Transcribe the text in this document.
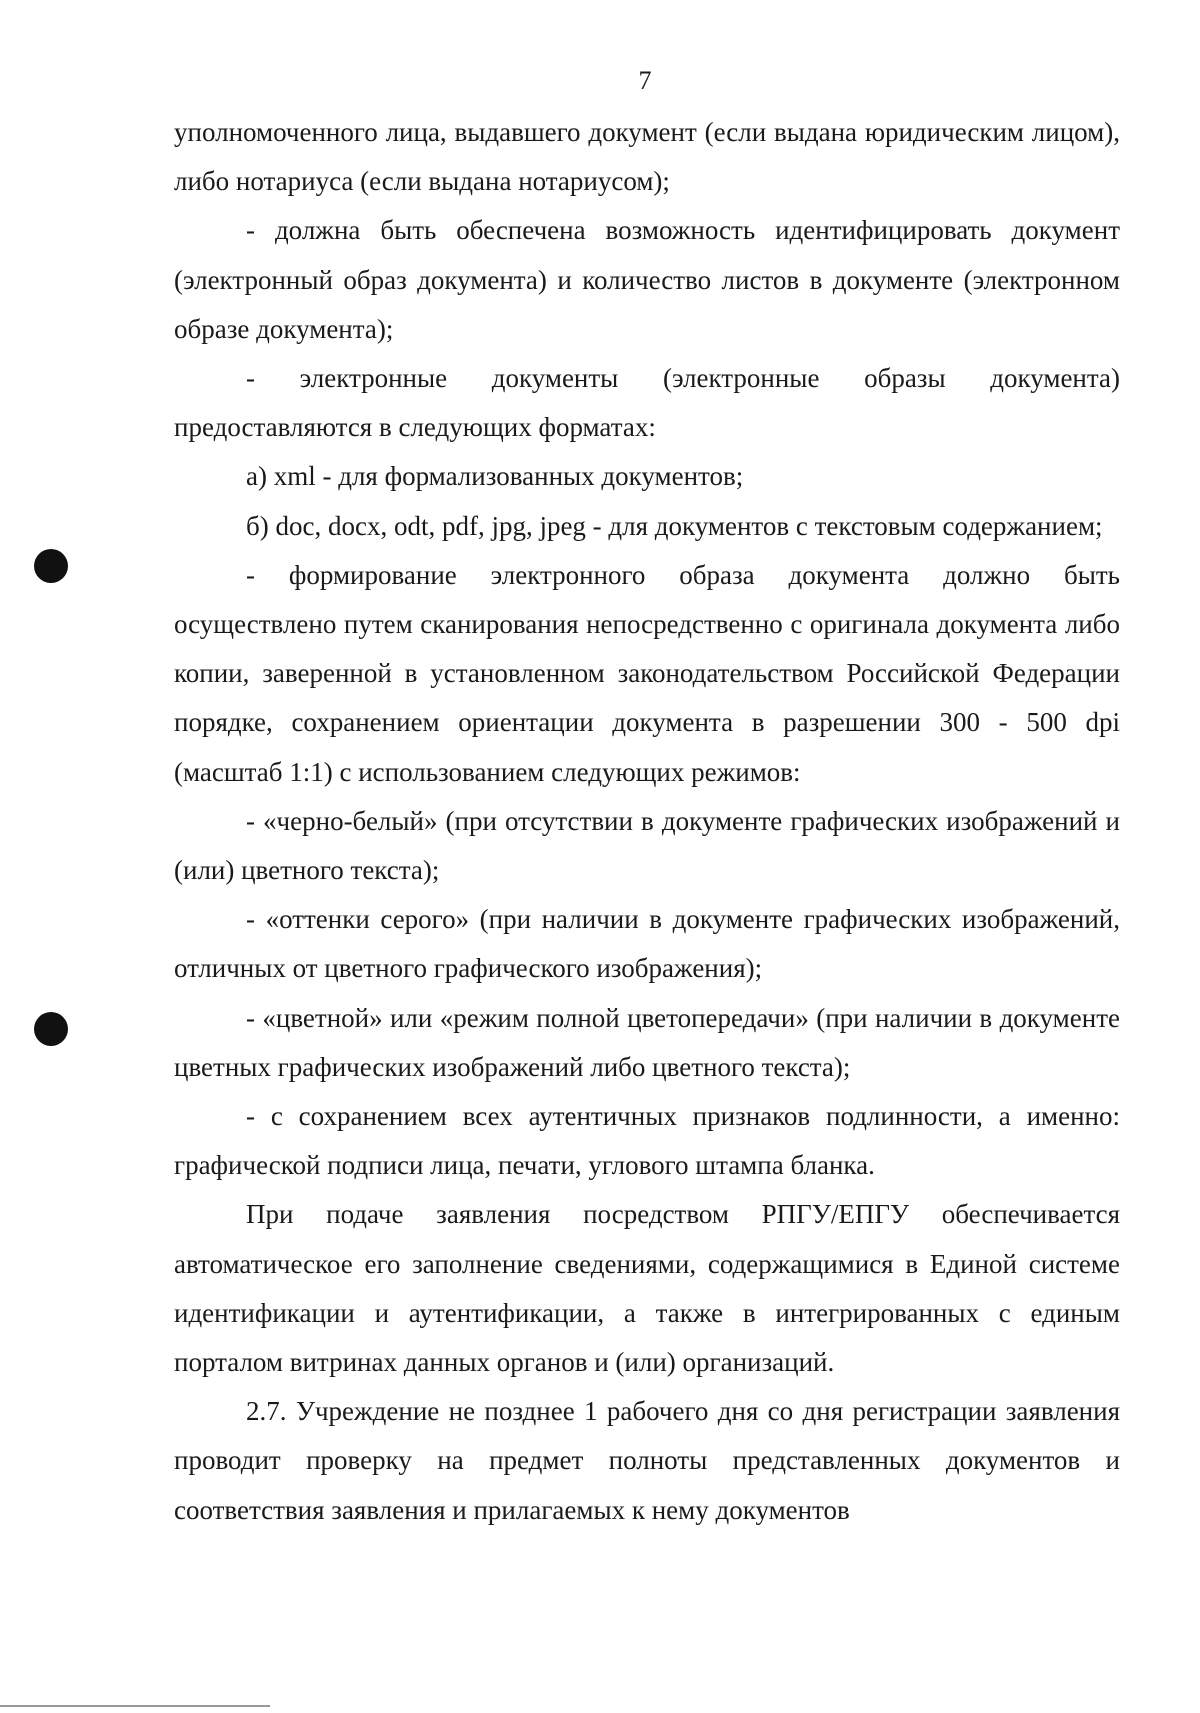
7

уполномоченного лица, выдавшего документ (если выдана юридическим лицом), либо нотариуса (если выдана нотариусом);

- должна быть обеспечена возможность идентифицировать документ (электронный образ документа) и количество листов в документе (электронном образе документа);

- электронные документы (электронные образы документа) предоставляются в следующих форматах:

а) xml - для формализованных документов;

б) doc, docx, odt, pdf, jpg, jpeg - для документов с текстовым содержанием;

- формирование электронного образа документа должно быть осуществлено путем сканирования непосредственно с оригинала документа либо копии, заверенной в установленном законодательством Российской Федерации порядке, сохранением ориентации документа в разрешении 300 - 500 dpi (масштаб 1:1) с использованием следующих режимов:

- «черно-белый» (при отсутствии в документе графических изображений и (или) цветного текста);

- «оттенки серого» (при наличии в документе графических изображений, отличных от цветного графического изображения);

- «цветной» или «режим полной цветопередачи» (при наличии в документе цветных графических изображений либо цветного текста);

- с сохранением всех аутентичных признаков подлинности, а именно: графической подписи лица, печати, углового штампа бланка.

При подаче заявления посредством РПГУ/ЕПГУ обеспечивается автоматическое его заполнение сведениями, содержащимися в Единой системе идентификации и аутентификации, а также в интегрированных с единым порталом витринах данных органов и (или) организаций.

2.7. Учреждение не позднее 1 рабочего дня со дня регистрации заявления проводит проверку на предмет полноты представленных документов и соответствия заявления и прилагаемых к нему документов
